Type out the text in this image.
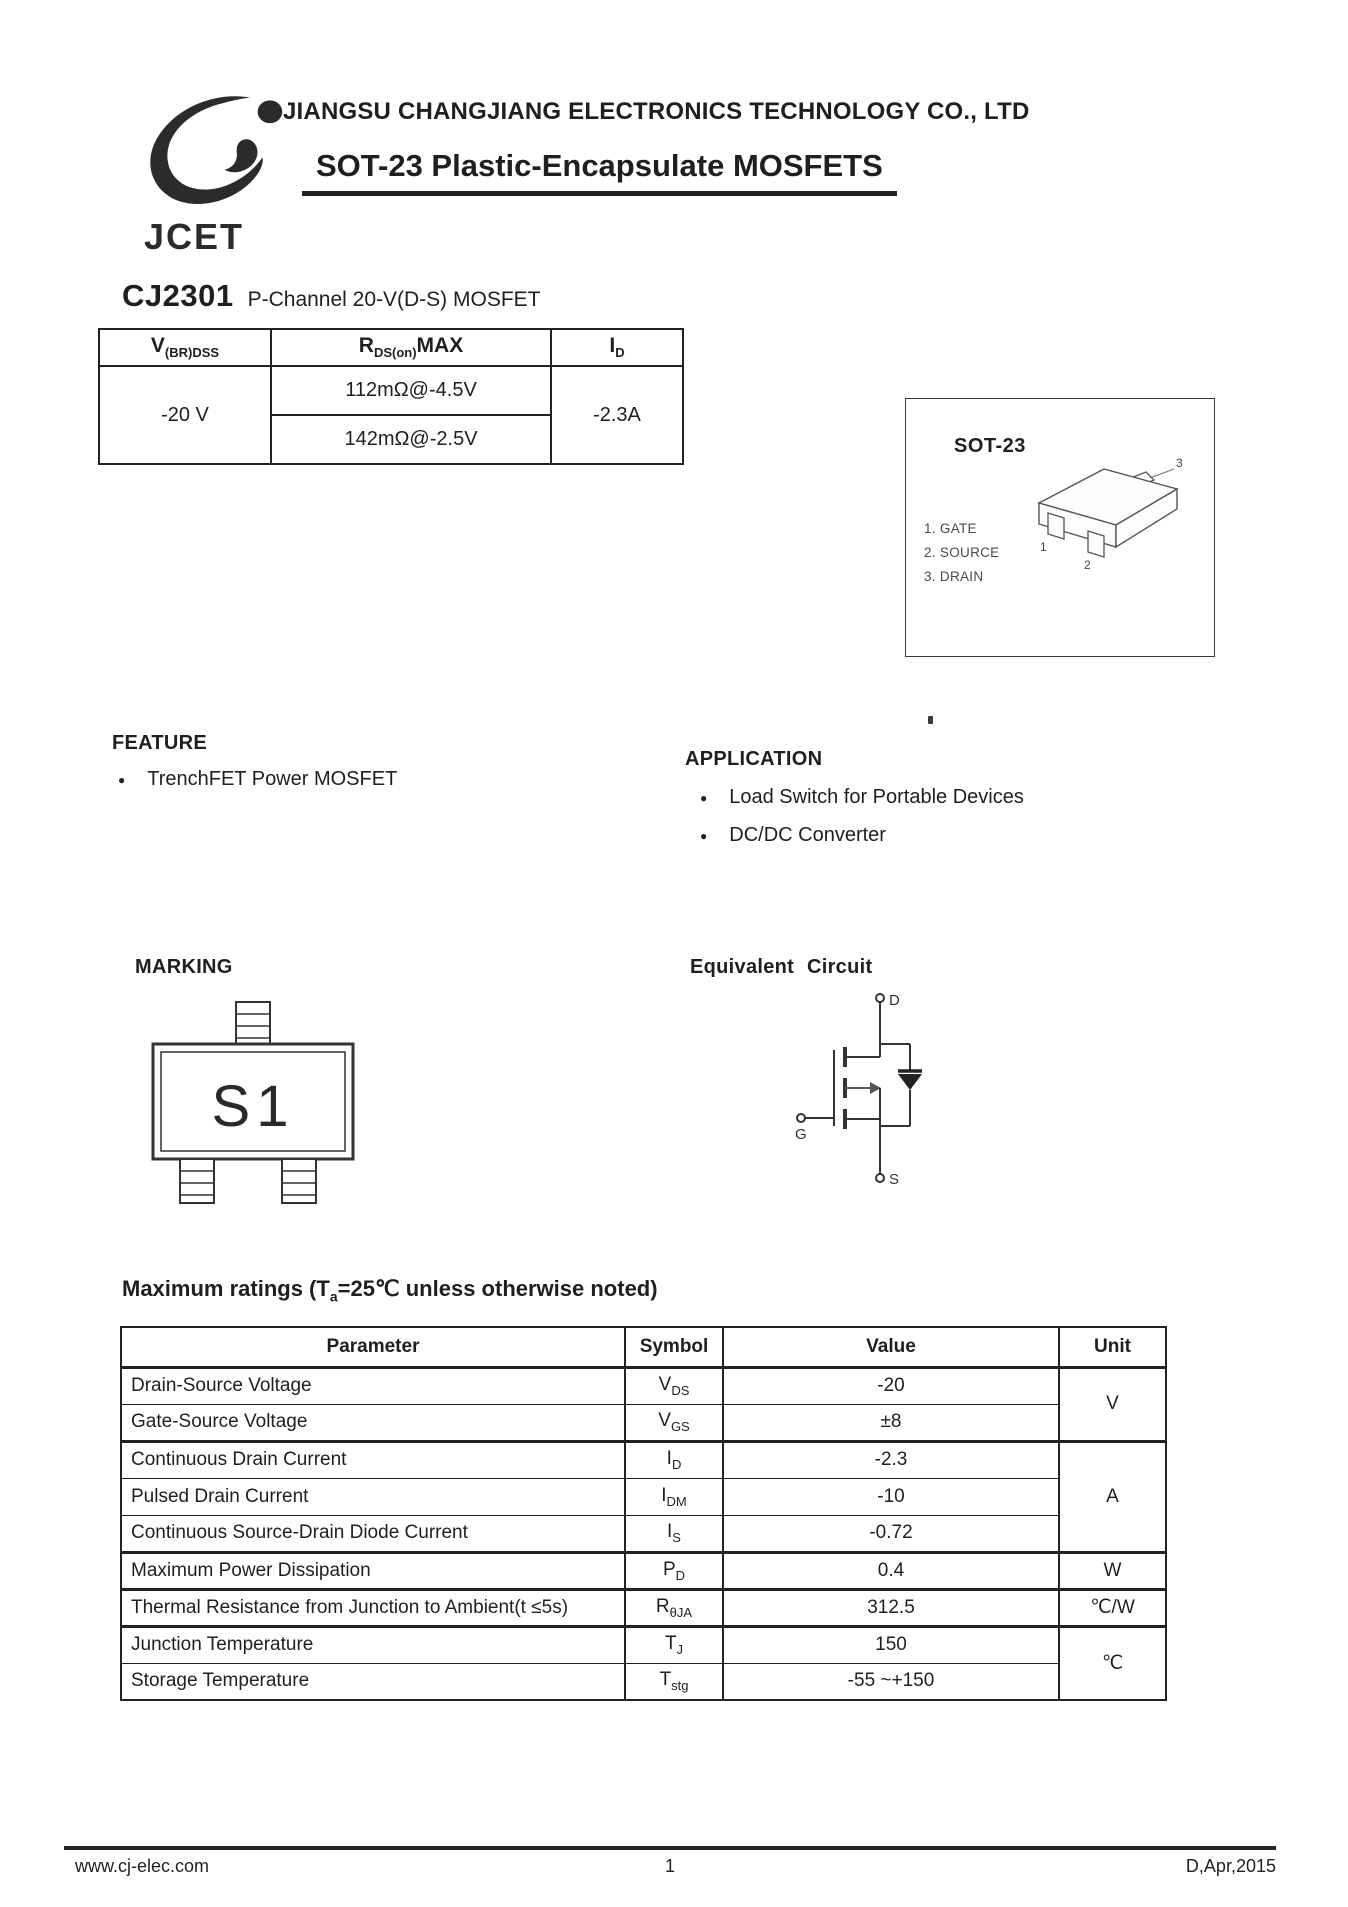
JCET
JIANGSU CHANGJIANG ELECTRONICS TECHNOLOGY CO., LTD
SOT-23 Plastic-Encapsulate MOSFETS
CJ2301 P-Channel 20-V(D-S) MOSFET
$V_{(BR)DSS}$	$R_{DS(on)}MAX$	$I_D$
-20 V	112mΩ@-4.5V	-2.3A
	142mΩ@-2.5V		SOT-23
1
2
3
1. GATE
2. SOURCE
3. DRAIN
FEATURE
● TrenchFET Power MOSFET
APPLICATION
● Load Switch for Portable Devices
● DC/DC Converter
MARKING	Equivalent Circuit
S1
D
G
S
Maximum ratings ($T_a=25℃$ unless otherwise noted)
Parameter	Symbol	Value	Unit
Drain-Source Voltage	$V_{DS}$	-20	V
Gate-Source Voltage	$V_{GS}$	±8	
Continuous Drain Current	$I_D$	-2.3	A
Pulsed Drain Current	$I_{DM}$	-10	
Continuous Source-Drain Diode Current	$I_S$	-0.72	
Maximum Power Dissipation	$P_D$	0.4	W
Thermal Resistance from Junction to Ambient(t ≤5s)	$R_{\theta JA}$	312.5	℃/W
Junction Temperature	$T_J$	150	℃
Storage Temperature	$T_{stg}$	-55 ~+150	
www.cj-elec.com	1	D,Apr,2015
